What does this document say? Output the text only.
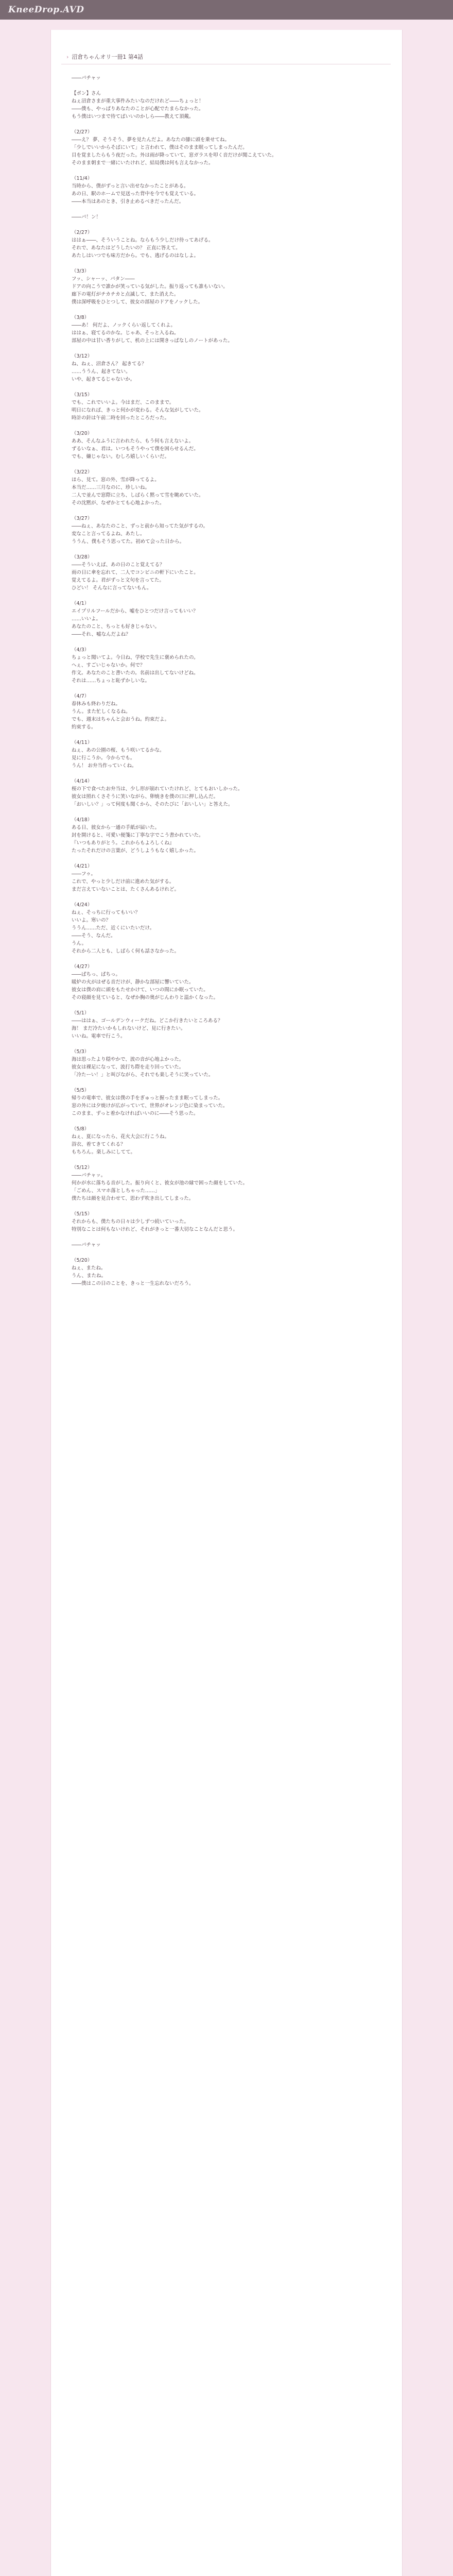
KneeDrop.AVD
› 沼倉ちゃんオリ一冊1 第4話

――パチャッ

【ポン】さん

ねぇ沼倉さまが重大事件みたいなのだけれど――ちょっと！

――僕も、やっぱりあなたのことが心配でたまらなかった。

もう僕はいつまで待てばいいのかしら――教えて頂戴。

（2/27）

――え？ 夢、そうそう、夢を見たんだよ。あなたの膝に頭を乗せてね。

「少しでいいからそばにいて」と言われて、僕はそのまま眠ってしまったんだ。

目を覚ましたらもう夜だった。外は雨が降っていて、窓ガラスを叩く音だけが聞こえていた。

そのまま朝まで一緒にいたけれど、結局僕は何も言えなかった。

（11/4）

当時から、僕がずっと言い出せなかったことがある。

あの日、駅のホームで見送った背中を今でも覚えている。

――本当はあのとき、引き止めるべきだったんだ。

――パ！ン！

（2/27）

ははぁ――、そういうことね。ならもう少しだけ待ってあげる。

それで、あなたはどうしたいの？ 正直に答えて。

あたしはいつでも味方だから。でも、逃げるのはなしよ。

（3/3）

フッ、シャーッ、パタン――

ドアの向こうで誰かが笑っている気がした。振り返っても誰もいない。

廊下の電灯がチカチカと点滅して、また消えた。

僕は深呼吸をひとつして、彼女の部屋のドアをノックした。

（3/8）

――あ！ 何だよ、ノックくらい返してくれよ。

ははぁ、寝てるのかな。じゃあ、そっと入るね。

部屋の中は甘い香りがして、机の上には開きっぱなしのノートがあった。

（3/12）

ね、ねぇ、沼倉さん？ 起きてる？

……ううん、起きてない。

いや、起きてるじゃないか。

（3/15）

でも、これでいいよ。今はまだ、このままで。

明日になれば、きっと何かが変わる。そんな気がしていた。

時計の針は午前二時を回ったところだった。

（3/20）

ああ、そんなふうに言われたら、もう何も言えないよ。

ずるいなぁ、君は。いつもそうやって僕を困らせるんだ。

でも、嫌じゃない。むしろ嬉しいくらいだ。

（3/22）

ほら、見て。窓の外、雪が降ってるよ。

本当だ……三月なのに、珍しいね。

二人で並んで窓際に立ち、しばらく黙って雪を眺めていた。

その沈黙が、なぜかとても心地よかった。

（3/27）

――ねぇ、あなたのこと、ずっと前から知ってた気がするの。

変なこと言ってるよね、あたし。

ううん、僕もそう思ってた。初めて会った日から。

（3/28）

――そういえば、あの日のこと覚えてる？

雨の日に傘を忘れて、二人でコンビニの軒下にいたこと。

覚えてるよ。君がずっと文句を言ってた。

ひどい！ そんなに言ってないもん。

（4/1）

エイプリルフールだから、嘘をひとつだけ言ってもいい？

……いいよ。

あなたのこと、ちっとも好きじゃない。

――それ、嘘なんだよね？

（4/3）

ちょっと聞いてよ。今日ね、学校で先生に褒められたの。

へぇ、すごいじゃないか。何で？

作文。あなたのこと書いたの。名前は出してないけどね。

それは……ちょっと恥ずかしいな。

（4/7）

春休みも終わりだね。

うん。また忙しくなるね。

でも、週末はちゃんと会おうね。約束だよ。

約束する。

（4/11）

ねぇ、あの公園の桜、もう咲いてるかな。

見に行こうか。今からでも。

うん！ お弁当作っていくね。

（4/14）

桜の下で食べたお弁当は、少し形が崩れていたけれど、とてもおいしかった。

彼女は照れくさそうに笑いながら、卵焼きを僕の口に押し込んだ。

「おいしい？」って何度も聞くから、そのたびに「おいしい」と答えた。

（4/18）

ある日、彼女から一通の手紙が届いた。

封を開けると、可愛い便箋に丁寧な字でこう書かれていた。

『いつもありがとう。これからもよろしくね』

たったそれだけの言葉が、どうしようもなく嬉しかった。

（4/21）

――フゥ。

これで、やっと少しだけ前に進めた気がする。

まだ言えていないことは、たくさんあるけれど。

（4/24）

ねぇ、そっちに行ってもいい？

いいよ。寒いの？

ううん……ただ、近くにいたいだけ。

――そう、なんだ。

うん。

それから二人とも、しばらく何も話さなかった。

（4/27）

――ぱちっ、ぱちっ。

暖炉の火がはぜる音だけが、静かな部屋に響いていた。

彼女は僕の肩に頭をもたせかけて、いつの間にか眠っていた。

その寝顔を見ていると、なぜか胸の奥がじんわりと温かくなった。

（5/1）

――ははぁ、ゴールデンウィークだね。どこか行きたいところある？

海！ まだ冷たいかもしれないけど、見に行きたい。

いいね。電車で行こう。

（5/3）

海は思ったより穏やかで、波の音が心地よかった。

彼女は裸足になって、波打ち際を走り回っていた。

「冷たーい！」と叫びながら、それでも楽しそうに笑っていた。

（5/5）

帰りの電車で、彼女は僕の手をぎゅっと握ったまま眠ってしまった。

窓の外には夕焼けが広がっていて、世界がオレンジ色に染まっていた。

このまま、ずっと着かなければいいのに――そう思った。

（5/8）

ねぇ、夏になったら、花火大会に行こうね。

浴衣、着てきてくれる？

もちろん。楽しみにしてて。

（5/12）

――パチャッ。

何かが水に落ちる音がした。振り向くと、彼女が池の縁で困った顔をしていた。

「ごめん、スマホ落としちゃった……」

僕たちは顔を見合わせて、思わず吹き出してしまった。

（5/15）

それからも、僕たちの日々は少しずつ続いていった。

特別なことは何もないけれど、それがきっと一番大切なことなんだと思う。

――パチャッ

（5/20）

ねぇ、またね。

うん、またね。

――僕はこの日のことを、きっと一生忘れないだろう。
